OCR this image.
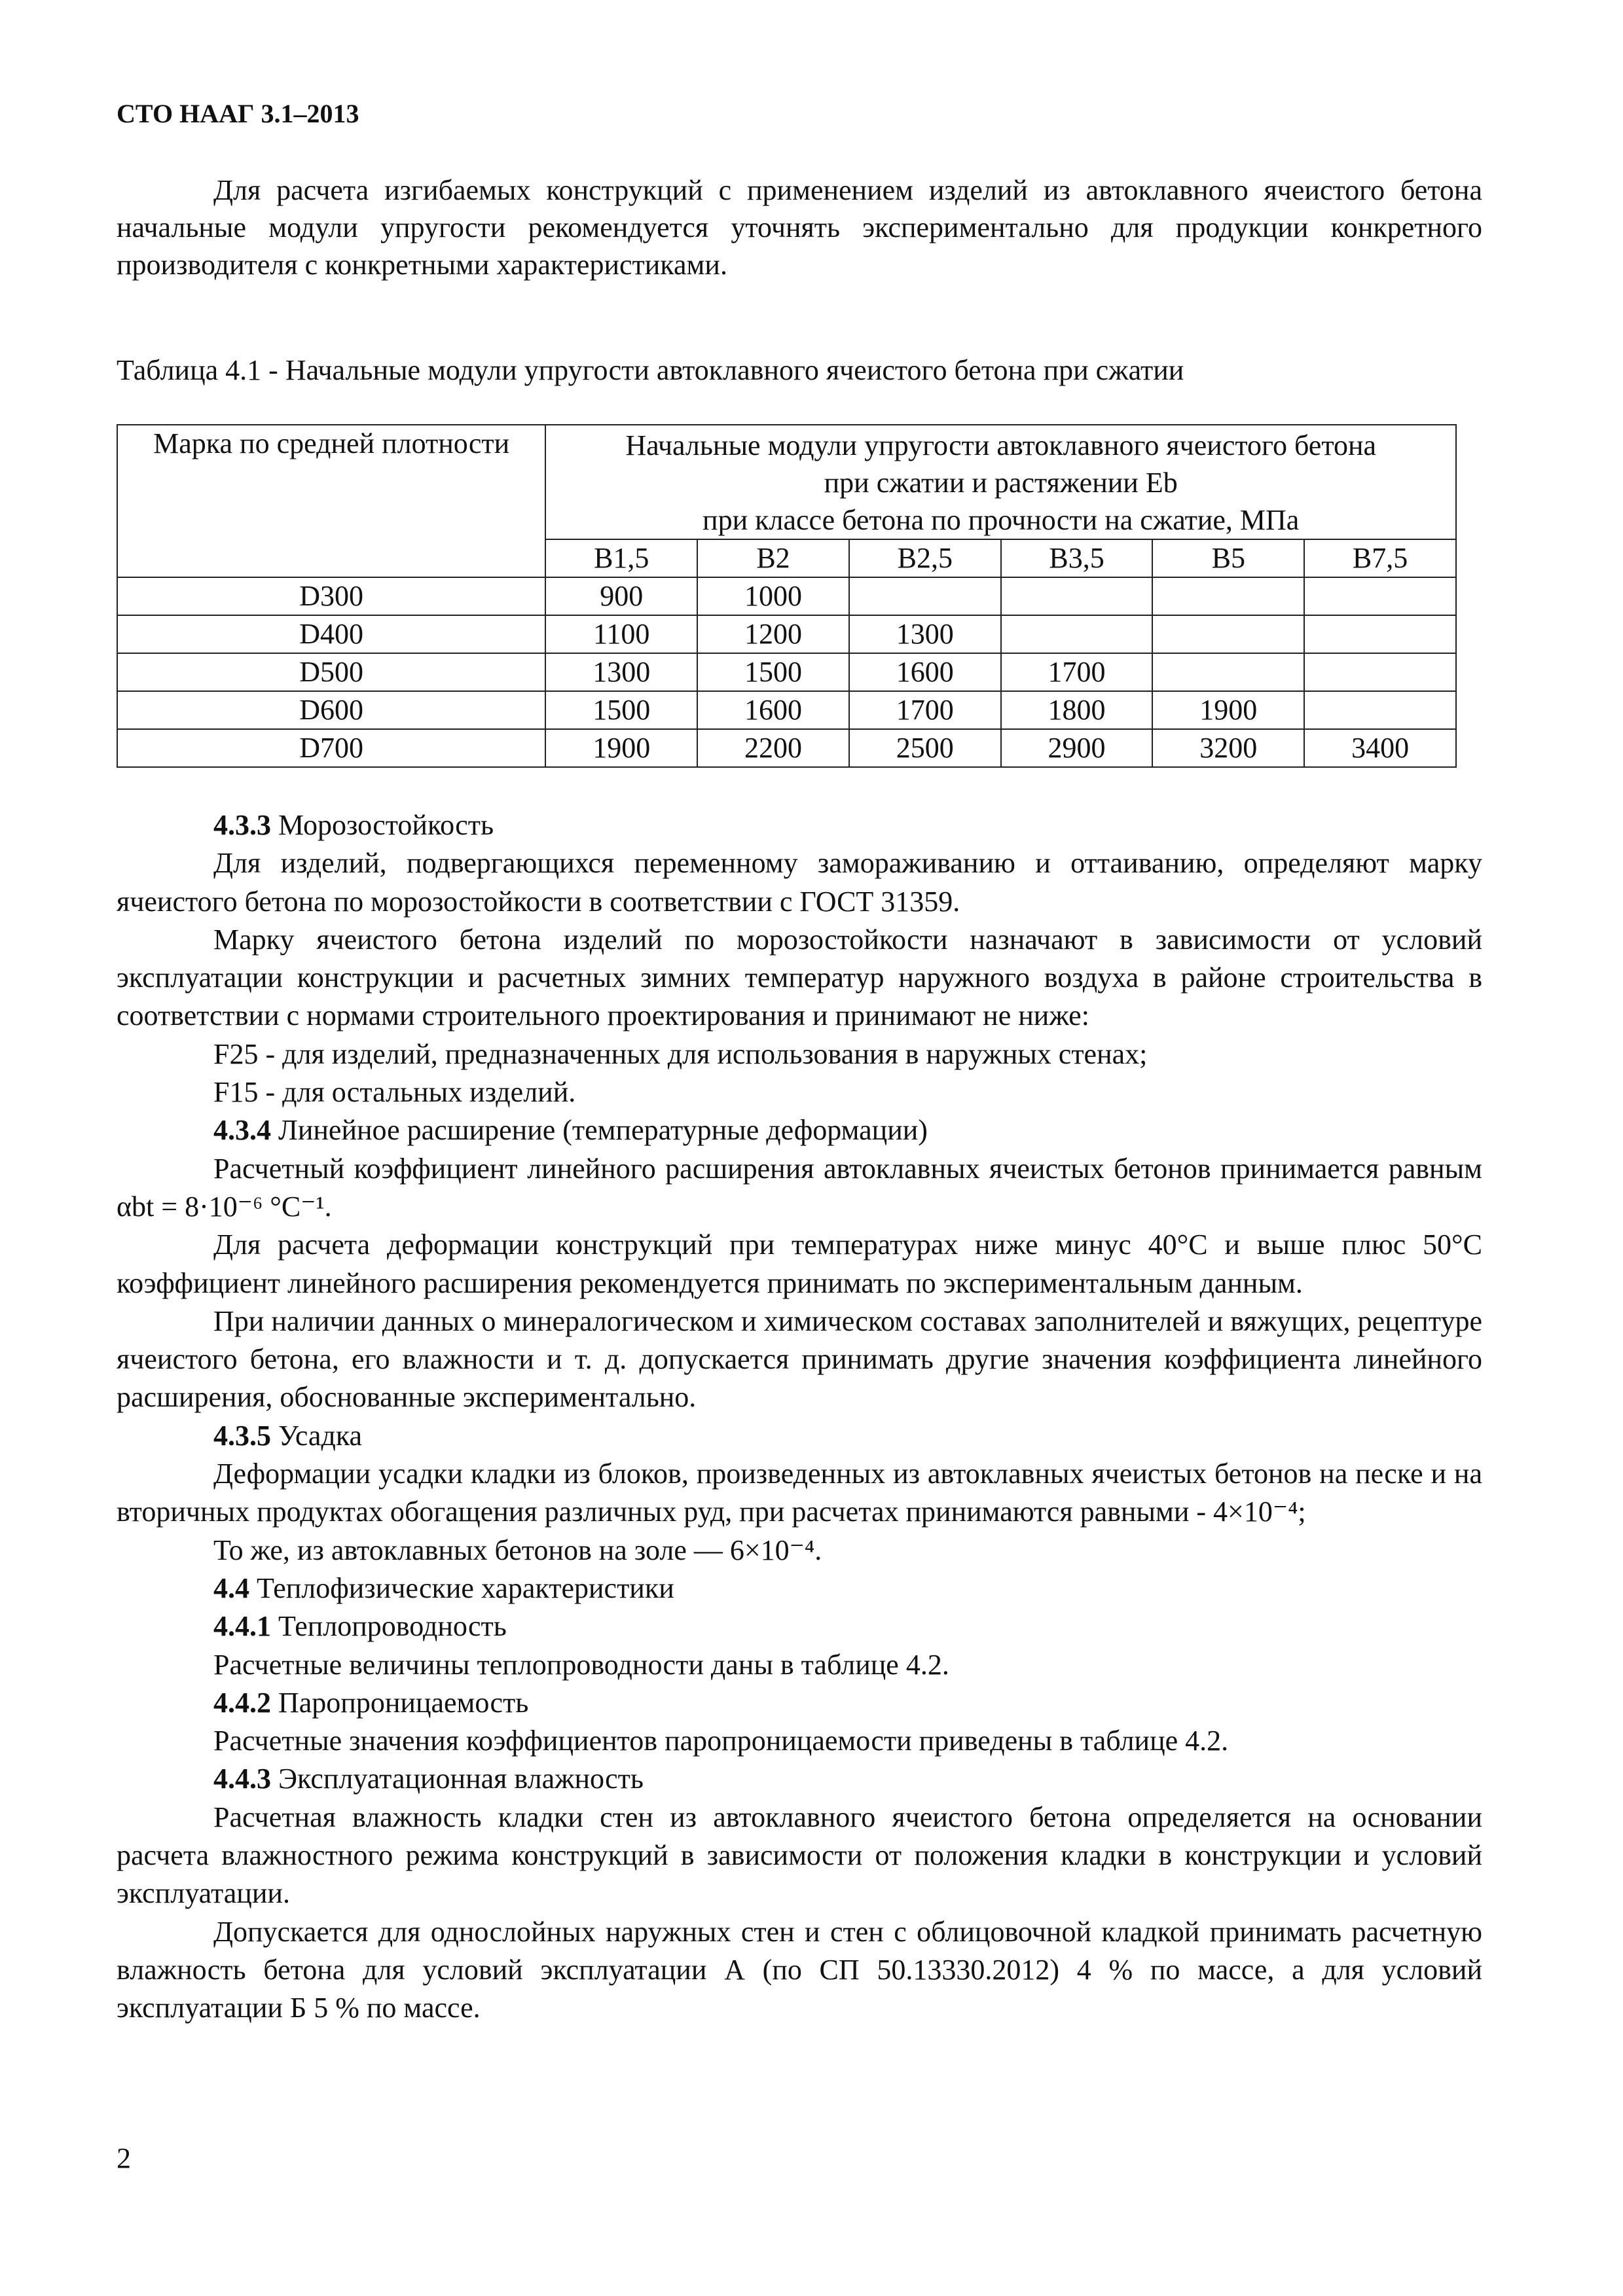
СТО НААГ 3.1–2013

Для расчета изгибаемых конструкций с применением изделий из автоклавного ячеистого бетона начальные модули упругости рекомендуется уточнять экспериментально для продукции конкретного производителя с конкретными характеристиками.

Таблица 4.1 - Начальные модули упругости автоклавного ячеистого бетона при сжатии
Марка по средней плотности	Начальные модули упругости автоклавного ячеистого бетона
при сжатии и растяжении Eb
при классе бетона по прочности на сжатие, МПа					

	B1,5	B2	B2,5	B3,5	B5	B7,5
D300	900	1000				
D400	1100	1200	1300			
D500	1300	1500	1600	1700		
D600	1500	1600	1700	1800	1900	
D700	1900	2200	2500	2900	3200	3400

4.3.3 Морозостойкость

Для изделий, подвергающихся переменному замораживанию и оттаиванию, определяют марку ячеистого бетона по морозостойкости в соответствии с ГОСТ 31359.

Марку ячеистого бетона изделий по морозостойкости назначают в зависимости от условий эксплуатации конструкции и расчетных зимних температур наружного воздуха в районе строительства в соответствии с нормами строительного проектирования и принимают не ниже:

F25 - для изделий, предназначенных для использования в наружных стенах;

F15 - для остальных изделий.

4.3.4 Линейное расширение (температурные деформации)

Расчетный коэффициент линейного расширения автоклавных ячеистых бетонов принимается равным αbt = 8·10⁻⁶ °С⁻¹.

Для расчета деформации конструкций при температурах ниже минус 40°С и выше плюс 50°С коэффициент линейного расширения рекомендуется принимать по экспериментальным данным.

При наличии данных о минералогическом и химическом составах заполнителей и вяжущих, рецептуре ячеистого бетона, его влажности и т. д. допускается принимать другие значения коэффициента линейного расширения, обоснованные экспериментально.

4.3.5 Усадка

Деформации усадки кладки из блоков, произведенных из автоклавных ячеистых бетонов на песке и на вторичных продуктах обогащения различных руд, при расчетах принимаются равными - 4×10⁻⁴;

То же, из автоклавных бетонов на золе — 6×10⁻⁴.

4.4 Теплофизические характеристики

4.4.1 Теплопроводность

Расчетные величины теплопроводности даны в таблице 4.2.

4.4.2 Паропроницаемость

Расчетные значения коэффициентов паропроницаемости приведены в таблице 4.2.

4.4.3 Эксплуатационная влажность

Расчетная влажность кладки стен из автоклавного ячеистого бетона определяется на основании расчета влажностного режима конструкций в зависимости от положения кладки в конструкции и условий эксплуатации.

Допускается для однослойных наружных стен и стен с облицовочной кладкой принимать расчетную влажность бетона для условий эксплуатации А (по СП 50.13330.2012) 4 % по массе, а для условий эксплуатации Б 5 % по массе.

2
